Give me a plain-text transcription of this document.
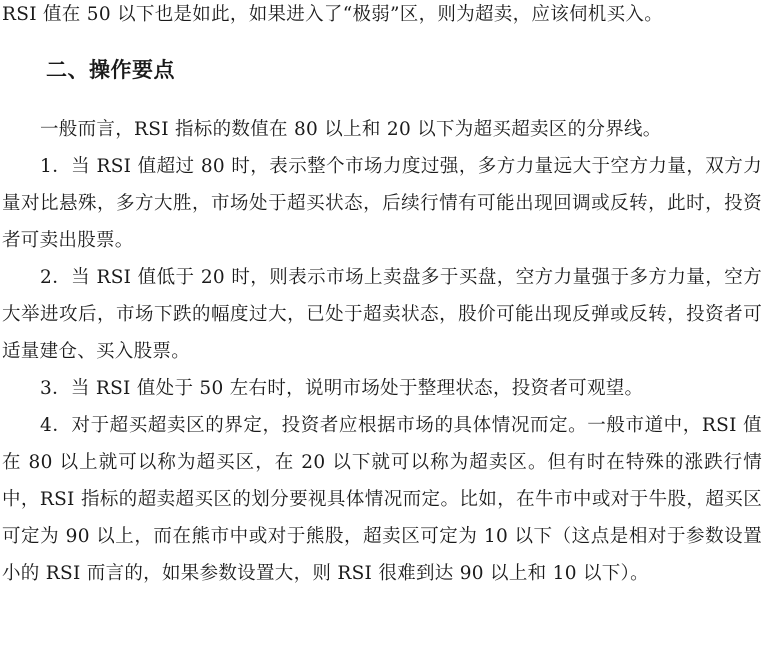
RSI 值在 50 以下也是如此，如果进入了“极弱”区，则为超卖，应该伺机买入。

二、操作要点

一般而言，RSI 指标的数值在 80 以上和 20 以下为超买超卖区的分界线。

1．当 RSI 值超过 80 时，表示整个市场力度过强，多方力量远大于空方力量，双方力量对比悬殊，多方大胜，市场处于超买状态，后续行情有可能出现回调或反转，此时，投资者可卖出股票。

2．当 RSI 值低于 20 时，则表示市场上卖盘多于买盘，空方力量强于多方力量，空方大举进攻后，市场下跌的幅度过大，已处于超卖状态，股价可能出现反弹或反转，投资者可适量建仓、买入股票。

3．当 RSI 值处于 50 左右时，说明市场处于整理状态，投资者可观望。

4．对于超买超卖区的界定，投资者应根据市场的具体情况而定。一般市道中，RSI 值在 80 以上就可以称为超买区，在 20 以下就可以称为超卖区。但有时在特殊的涨跌行情中，RSI 指标的超卖超买区的划分要视具体情况而定。比如，在牛市中或对于牛股，超买区可定为 90 以上，而在熊市中或对于熊股，超卖区可定为 10 以下（这点是相对于参数设置小的 RSI 而言的，如果参数设置大，则 RSI 很难到达 90 以上和 10 以下）。
